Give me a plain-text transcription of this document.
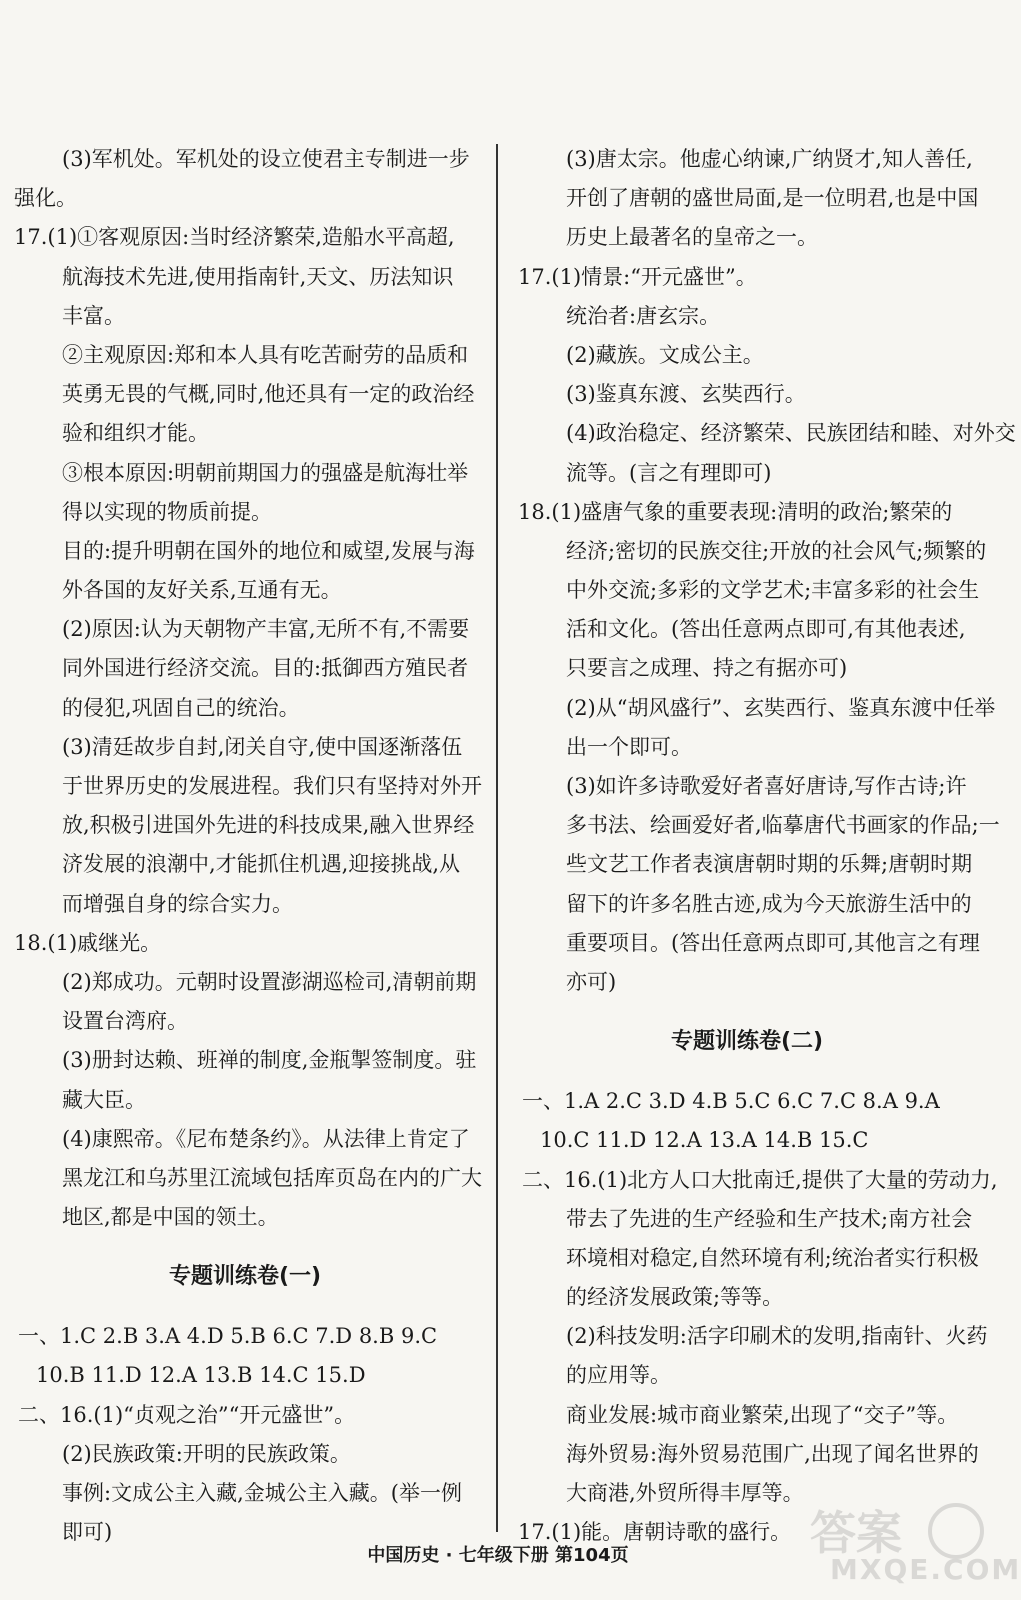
(3)军机处。军机处的设立使君主专制进一步
强化。
17.(1)①客观原因:当时经济繁荣,造船水平高超,
航海技术先进,使用指南针,天文、历法知识
丰富。
②主观原因:郑和本人具有吃苦耐劳的品质和
英勇无畏的气概,同时,他还具有一定的政治经
验和组织才能。
③根本原因:明朝前期国力的强盛是航海壮举
得以实现的物质前提。
目的:提升明朝在国外的地位和威望,发展与海
外各国的友好关系,互通有无。
(2)原因:认为天朝物产丰富,无所不有,不需要
同外国进行经济交流。目的:抵御西方殖民者
的侵犯,巩固自己的统治。
(3)清廷故步自封,闭关自守,使中国逐渐落伍
于世界历史的发展进程。我们只有坚持对外开
放,积极引进国外先进的科技成果,融入世界经
济发展的浪潮中,才能抓住机遇,迎接挑战,从
而增强自身的综合实力。
18.(1)戚继光。
(2)郑成功。元朝时设置澎湖巡检司,清朝前期
设置台湾府。
(3)册封达赖、班禅的制度,金瓶掣签制度。驻
藏大臣。
(4)康熙帝。《尼布楚条约》。从法律上肯定了
黑龙江和乌苏里江流域包括库页岛在内的广大
地区,都是中国的领土。
专题训练卷(一)
一、1.C 2.B 3.A 4.D 5.B 6.C 7.D 8.B 9.C
10.B 11.D 12.A 13.B 14.C 15.D
二、16.(1)“贞观之治”“开元盛世”。
(2)民族政策:开明的民族政策。
事例:文成公主入藏,金城公主入藏。(举一例
即可)
(3)唐太宗。他虚心纳谏,广纳贤才,知人善任,
开创了唐朝的盛世局面,是一位明君,也是中国
历史上最著名的皇帝之一。
17.(1)情景:“开元盛世”。
统治者:唐玄宗。
(2)藏族。文成公主。
(3)鉴真东渡、玄奘西行。
(4)政治稳定、经济繁荣、民族团结和睦、对外交
流等。(言之有理即可)
18.(1)盛唐气象的重要表现:清明的政治;繁荣的
经济;密切的民族交往;开放的社会风气;频繁的
中外交流;多彩的文学艺术;丰富多彩的社会生
活和文化。(答出任意两点即可,有其他表述,
只要言之成理、持之有据亦可)
(2)从“胡风盛行”、玄奘西行、鉴真东渡中任举
出一个即可。
(3)如许多诗歌爱好者喜好唐诗,写作古诗;许
多书法、绘画爱好者,临摹唐代书画家的作品;一
些文艺工作者表演唐朝时期的乐舞;唐朝时期
留下的许多名胜古迹,成为今天旅游生活中的
重要项目。(答出任意两点即可,其他言之有理
亦可)
专题训练卷(二)
一、1.A 2.C 3.D 4.B 5.C 6.C 7.C 8.A 9.A
10.C 11.D 12.A 13.A 14.B 15.C
二、16.(1)北方人口大批南迁,提供了大量的劳动力,
带去了先进的生产经验和生产技术;南方社会
环境相对稳定,自然环境有利;统治者实行积极
的经济发展政策;等等。
(2)科技发明:活字印刷术的发明,指南针、火药
的应用等。
商业发展:城市商业繁荣,出现了“交子”等。
海外贸易:海外贸易范围广,出现了闻名世界的
大商港,外贸所得丰厚等。
17.(1)能。唐朝诗歌的盛行。
中国历史 · 七年级下册 第104页	答案
MXQE.COM
